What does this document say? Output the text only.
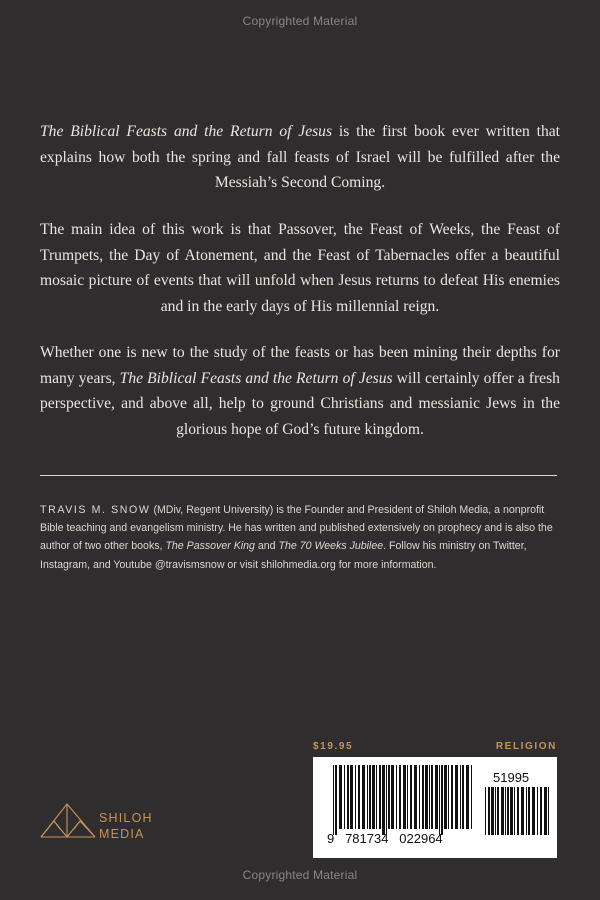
Copyrighted Material

The Biblical Feasts and the Return of Jesus is the first book ever written that explains how both the spring and fall feasts of Israel will be fulfilled after the Messiah’s Second Coming.

The main idea of this work is that Passover, the Feast of Weeks, the Feast of Trumpets, the Day of Atonement, and the Feast of Tabernacles offer a beautiful mosaic picture of events that will unfold when Jesus returns to defeat His enemies and in the early days of His millennial reign.

Whether one is new to the study of the feasts or has been mining their depths for many years, The Biblical Feasts and the Return of Jesus will certainly offer a fresh perspective, and above all, help to ground Christians and messianic Jews in the glorious hope of God’s future kingdom.

TRAVIS M. SNOW (MDiv, Regent University) is the Founder and President of Shiloh Media, a nonprofit Bible teaching and evangelism ministry. He has written and published extensively on prophecy and is also the author of two other books, The Passover King and The 70 Weeks Jubilee. Follow his ministry on Twitter, Instagram, and Youtube @travismsnow or visit shilohmedia.org for more information.
$19.95	RELIGION
9   781734   022964
51995
SHILOH
MEDIA
Copyrighted Material
